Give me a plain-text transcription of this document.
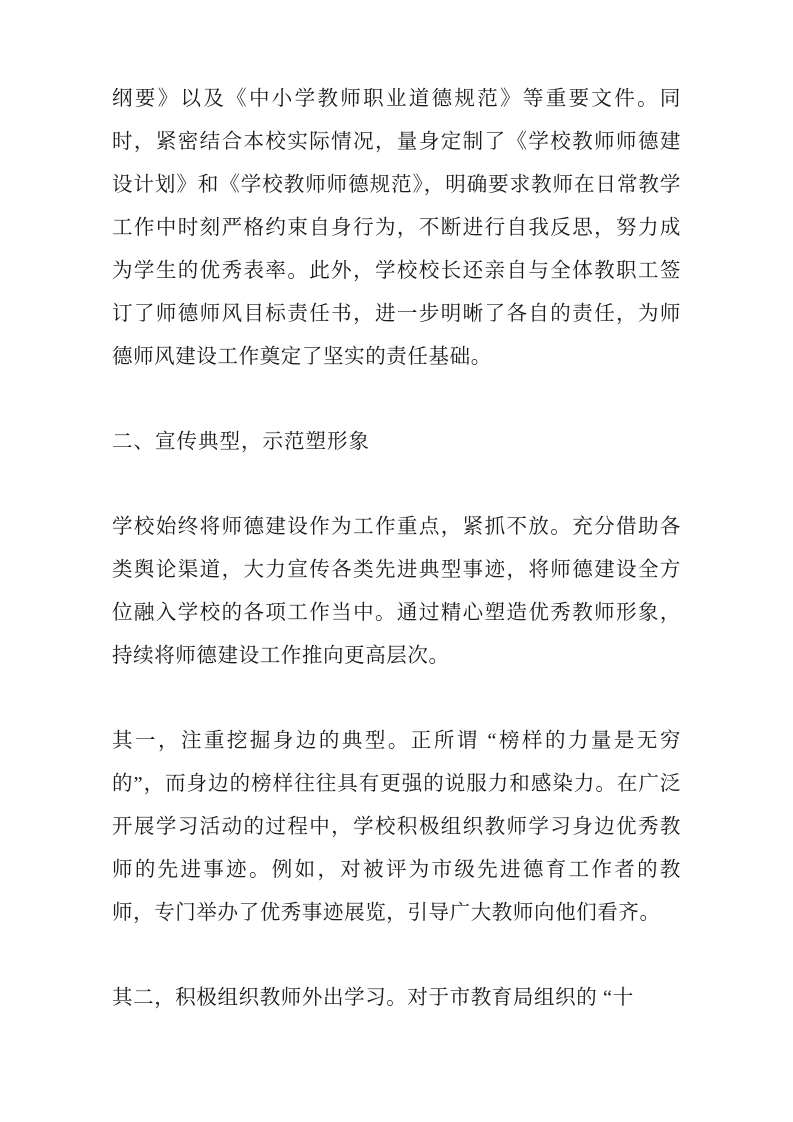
纲要》以及《中小学教师职业道德规范》等重要文件。同时，紧密结合本校实际情况，量身定制了《学校教师师德建设计划》和《学校教师师德规范》，明确要求教师在日常教学工作中时刻严格约束自身行为，不断进行自我反思，努力成为学生的优秀表率。此外，学校校长还亲自与全体教职工签订了师德师风目标责任书，进一步明晰了各自的责任，为师德师风建设工作奠定了坚实的责任基础。

二、宣传典型，示范塑形象

学校始终将师德建设作为工作重点，紧抓不放。充分借助各类舆论渠道，大力宣传各类先进典型事迹，将师德建设全方位融入学校的各项工作当中。通过精心塑造优秀教师形象，持续将师德建设工作推向更高层次。

其一，注重挖掘身边的典型。正所谓 “榜样的力量是无穷的”，而身边的榜样往往具有更强的说服力和感染力。在广泛开展学习活动的过程中，学校积极组织教师学习身边优秀教师的先进事迹。例如，对被评为市级先进德育工作者的教师，专门举办了优秀事迹展览，引导广大教师向他们看齐。

其二，积极组织教师外出学习。对于市教育局组织的 “十
